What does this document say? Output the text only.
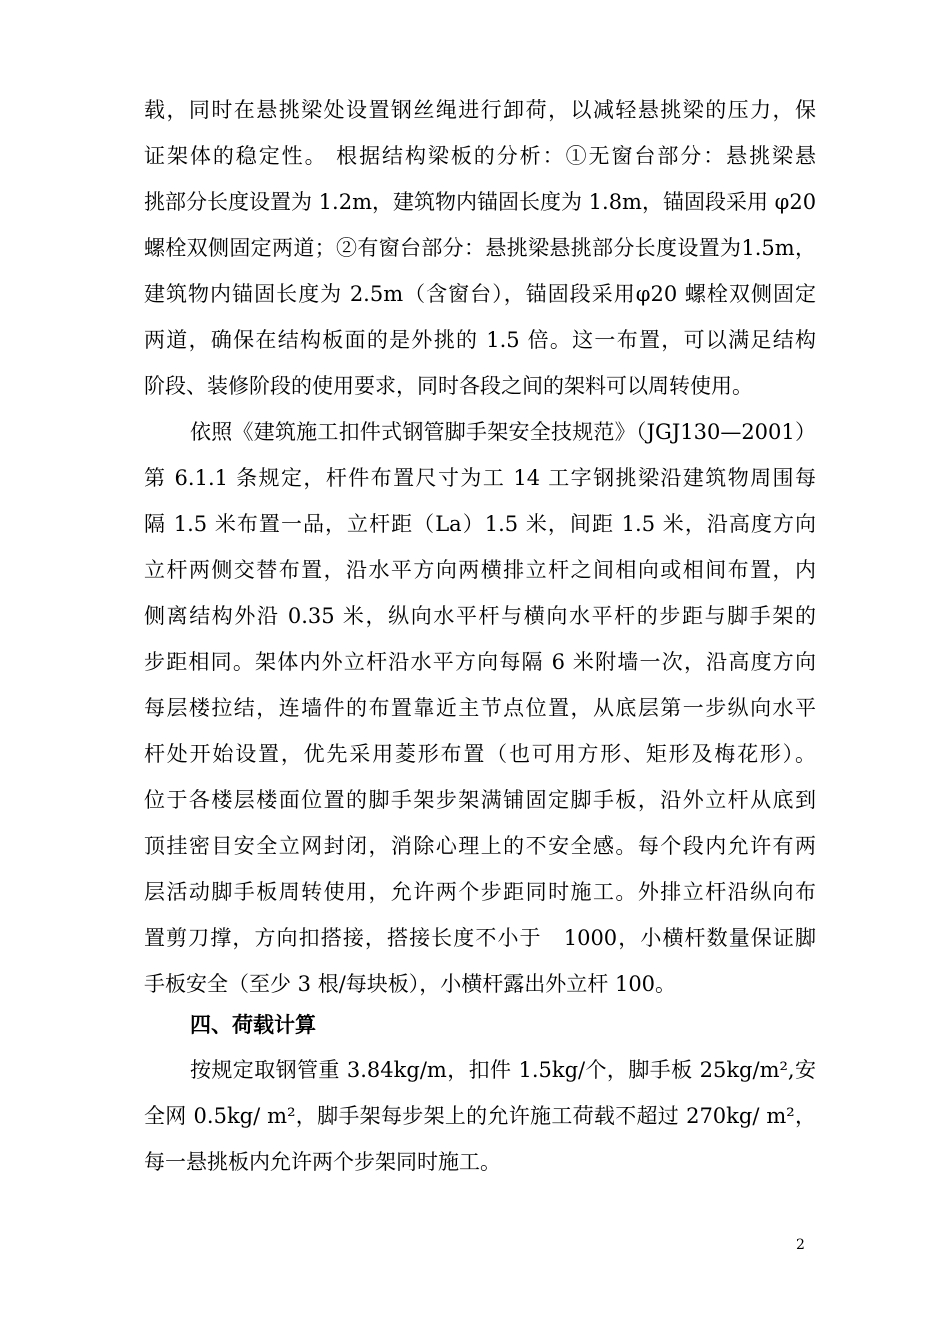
载，同时在悬挑梁处设置钢丝绳进行卸荷，以减轻悬挑梁的压力，保
证架体的稳定性。 根据结构梁板的分析：①无窗台部分：悬挑梁悬
挑部分长度设置为 1.2m，建筑物内锚固长度为 1.8m，锚固段采用 φ20
螺栓双侧固定两道；②有窗台部分：悬挑梁悬挑部分长度设置为1.5m，
建筑物内锚固长度为 2.5m（含窗台），锚固段采用φ20 螺栓双侧固定
两道，确保在结构板面的是外挑的 1.5 倍。这一布置，可以满足结构
阶段、装修阶段的使用要求，同时各段之间的架料可以周转使用。
依照《建筑施工扣件式钢管脚手架安全技规范》（JGJ130—2001）
第 6.1.1 条规定，杆件布置尺寸为工 14 工字钢挑梁沿建筑物周围每
隔 1.5 米布置一品，立杆距（La）1.5 米，间距 1.5 米，沿高度方向
立杆两侧交替布置，沿水平方向两横排立杆之间相向或相间布置，内
侧离结构外沿 0.35 米，纵向水平杆与横向水平杆的步距与脚手架的
步距相同。架体内外立杆沿水平方向每隔 6 米附墙一次，沿高度方向
每层楼拉结，连墙件的布置靠近主节点位置，从底层第一步纵向水平
杆处开始设置，优先采用菱形布置（也可用方形、矩形及梅花形）。
位于各楼层楼面位置的脚手架步架满铺固定脚手板，沿外立杆从底到
顶挂密目安全立网封闭，消除心理上的不安全感。每个段内允许有两
层活动脚手板周转使用，允许两个步距同时施工。外排立杆沿纵向布
置剪刀撑，方向扣搭接，搭接长度不小于　1000，小横杆数量保证脚
手板安全（至少 3 根/每块板），小横杆露出外立杆 100。
四、荷载计算
按规定取钢管重 3.84kg/m，扣件 1.5kg/个，脚手板 25kg/m²,安
全网 0.5kg/ m²，脚手架每步架上的允许施工荷载不超过 270kg/ m²，
每一悬挑板内允许两个步架同时施工。
2
